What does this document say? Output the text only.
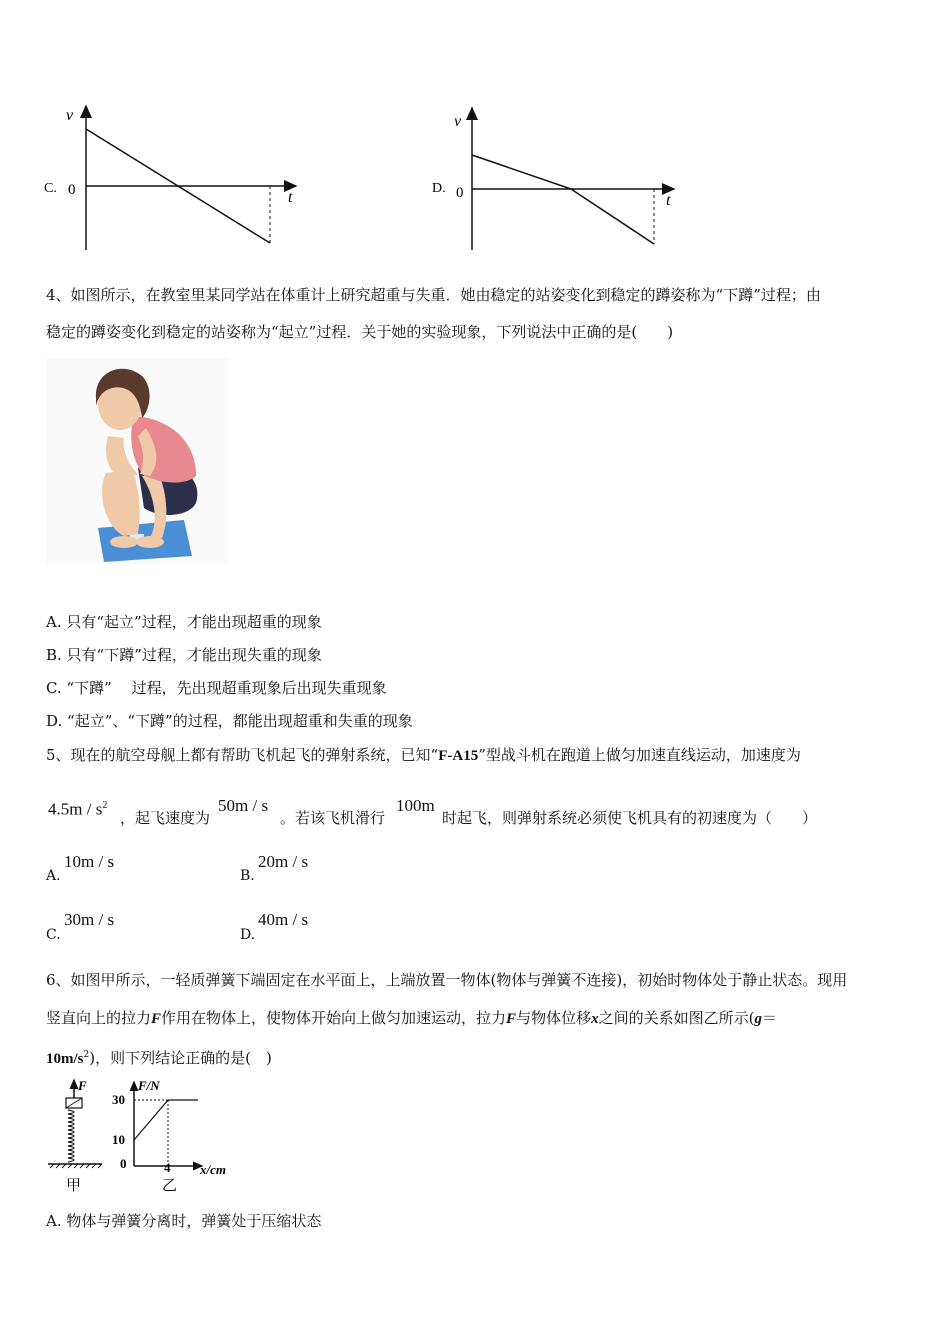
v
t
0
C.
v
t
0
D.
4、如图所示，在教室里某同学站在体重计上研究超重与失重．她由稳定的站姿变化到稳定的蹲姿称为“下蹲”过程；由
稳定的蹲姿变化到稳定的站姿称为“起立”过程．关于她的实验现象，下列说法中正确的是(　　)
A. 只有“起立”过程，才能出现超重的现象
B. 只有“下蹲”过程，才能出现失重的现象
C. “下蹲”　 过程，先出现超重现象后出现失重现象
D. “起立”、“下蹲”的过程，都能出现超重和失重的现象
5、现在的航空母舰上都有帮助飞机起飞的弹射系统，已知“F-A15”型战斗机在跑道上做匀加速直线运动，加速度为
$4.5m / s^2$
，起飞速度为
50m / s
。若该飞机滑行
100m
时起飞，则弹射系统必须使飞机具有的初速度为（　　）
A.
10m / s
B.
20m / s
C.
30m / s
D.
40m / s
6、如图甲所示，一轻质弹簧下端固定在水平面上，上端放置一物体(物体与弹簧不连接)，初始时物体处于静止状态。现用
竖直向上的拉力F作用在物体上，使物体开始向上做匀加速运动，拉力F与物体位移x之间的关系如图乙所示(g＝
$10m/s^2$)，则下列结论正确的是(　)
F
甲
F/N
x/cm
30
10
0	4
乙
A. 物体与弹簧分离时，弹簧处于压缩状态
